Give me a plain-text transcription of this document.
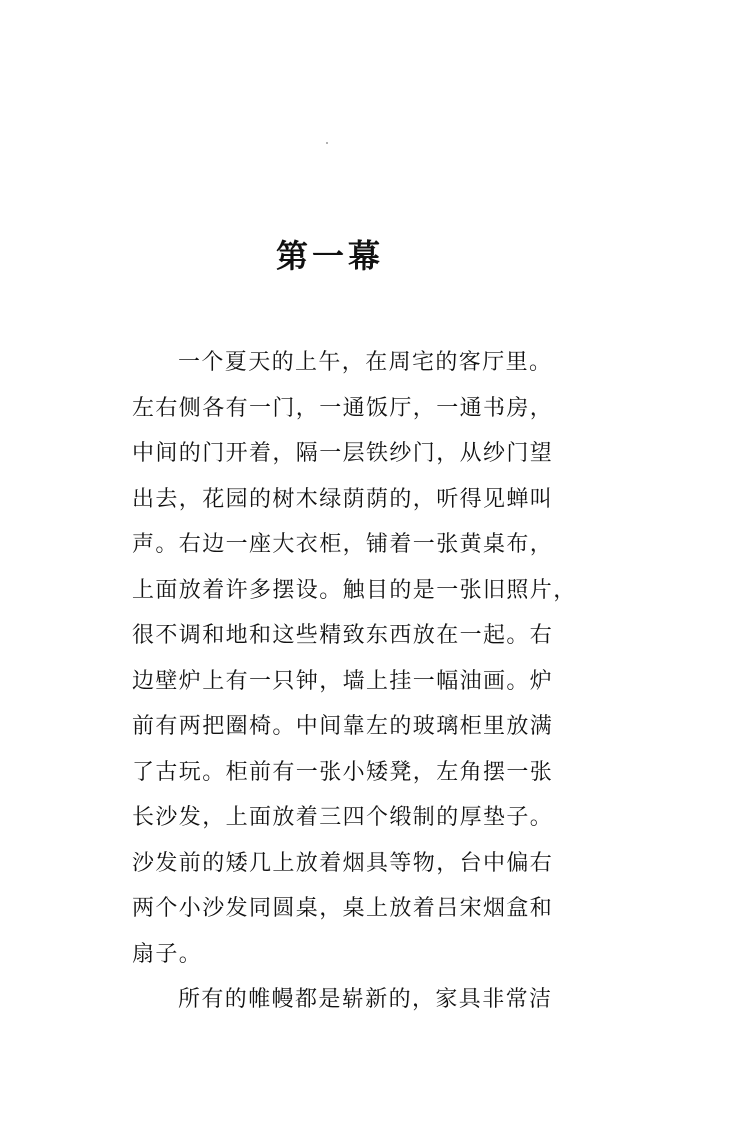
第一幕
一个夏天的上午，在周宅的客厅里。
左右侧各有一门，一通饭厅，一通书房，
中间的门开着，隔一层铁纱门，从纱门望
出去，花园的树木绿荫荫的，听得见蝉叫
声。右边一座大衣柜，铺着一张黄桌布，
上面放着许多摆设。触目的是一张旧照片，
很不调和地和这些精致东西放在一起。右
边壁炉上有一只钟，墙上挂一幅油画。炉
前有两把圈椅。中间靠左的玻璃柜里放满
了古玩。柜前有一张小矮凳，左角摆一张
长沙发，上面放着三四个缎制的厚垫子。
沙发前的矮几上放着烟具等物，台中偏右
两个小沙发同圆桌，桌上放着吕宋烟盒和
扇子。
所有的帷幔都是崭新的，家具非常洁
